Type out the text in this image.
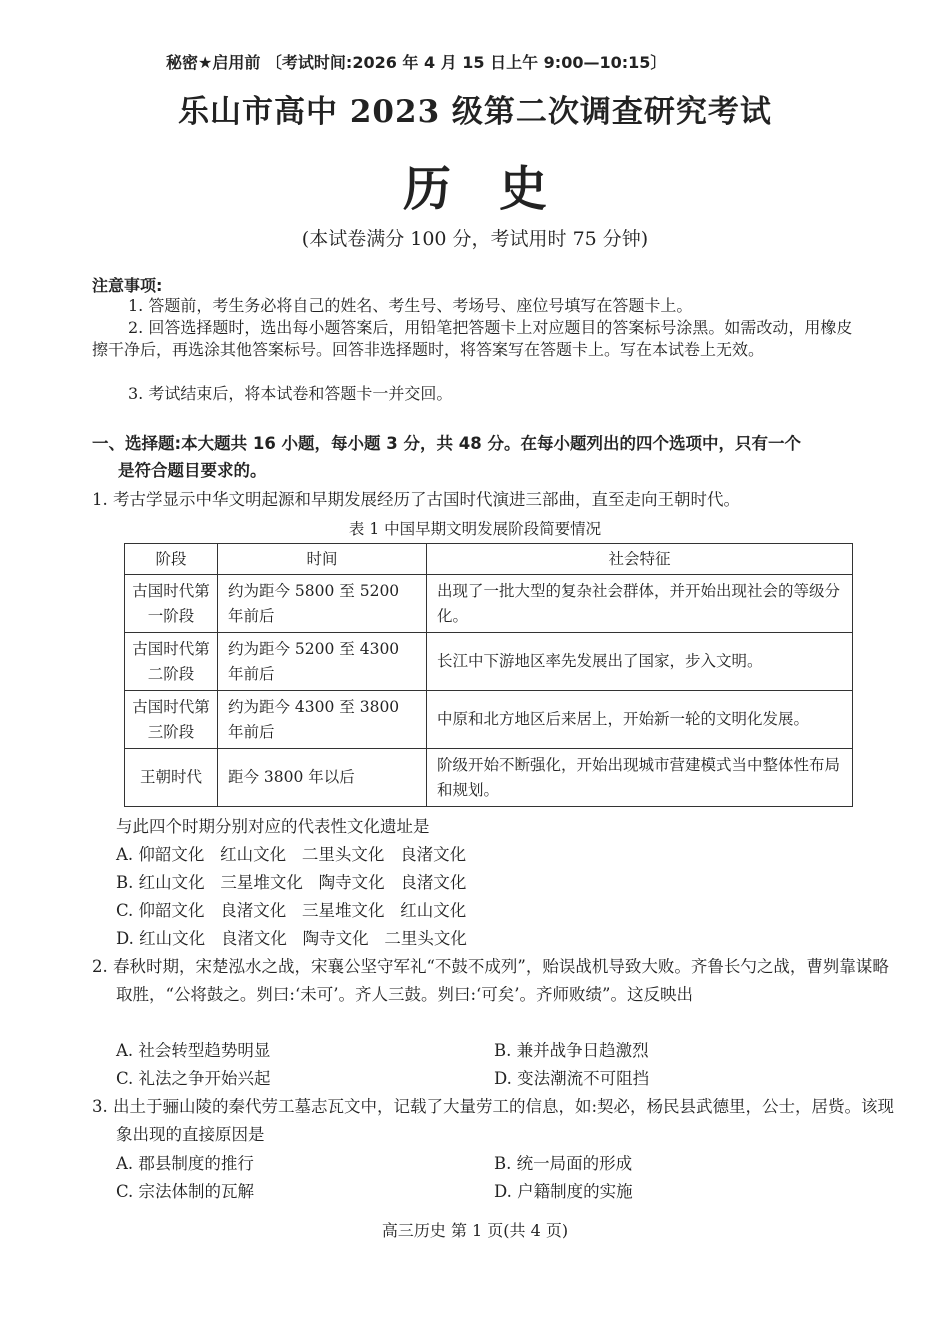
秘密★启用前 〔考试时间:2026 年 4 月 15 日上午 9:00—10:15〕
乐山市高中 2023 级第二次调查研究考试
历史
(本试卷满分 100 分，考试用时 75 分钟)
注意事项:
1. 答题前，考生务必将自己的姓名、考生号、考场号、座位号填写在答题卡上。
2. 回答选择题时，选出每小题答案后，用铅笔把答题卡上对应题目的答案标号涂黑。如需改动，用橡皮擦干净后，再选涂其他答案标号。回答非选择题时，将答案写在答题卡上。写在本试卷上无效。
3. 考试结束后，将本试卷和答题卡一并交回。
一、选择题:本大题共 16 小题，每小题 3 分，共 48 分。在每小题列出的四个选项中，只有一个
是符合题目要求的。
1. 考古学显示中华文明起源和早期发展经历了古国时代演进三部曲，直至走向王朝时代。
表 1 中国早期文明发展阶段简要情况
阶段	时间	社会特征
古国时代第一阶段	约为距今 5800 至 5200 年前后	出现了一批大型的复杂社会群体，并开始出现社会的等级分化。
古国时代第二阶段	约为距今 5200 至 4300 年前后	长江中下游地区率先发展出了国家，步入文明。
古国时代第三阶段	约为距今 4300 至 3800 年前后	中原和北方地区后来居上，开始新一轮的文明化发展。
王朝时代	距今 3800 年以后	阶级开始不断强化，开始出现城市营建模式当中整体性布局和规划。
与此四个时期分别对应的代表性文化遗址是
A. 仰韶文化   红山文化   二里头文化   良渚文化
B. 红山文化   三星堆文化   陶寺文化   良渚文化
C. 仰韶文化   良渚文化   三星堆文化   红山文化
D. 红山文化   良渚文化   陶寺文化   二里头文化
2. 春秋时期，宋楚泓水之战，宋襄公坚守军礼“不鼓不成列”，贻误战机导致大败。齐鲁长勺之战，曹刿靠谋略取胜，“公将鼓之。刿曰:‘未可’。齐人三鼓。刿曰:‘可矣’。齐师败绩”。这反映出
A. 社会转型趋势明显	B. 兼并战争日趋激烈
C. 礼法之争开始兴起	D. 变法潮流不可阻挡
3. 出土于骊山陵的秦代劳工墓志瓦文中，记载了大量劳工的信息，如:契必，杨民县武德里，公士，居赀。该现象出现的直接原因是
A. 郡县制度的推行	B. 统一局面的形成
C. 宗法体制的瓦解	D. 户籍制度的实施
高三历史 第 1 页(共 4 页)
